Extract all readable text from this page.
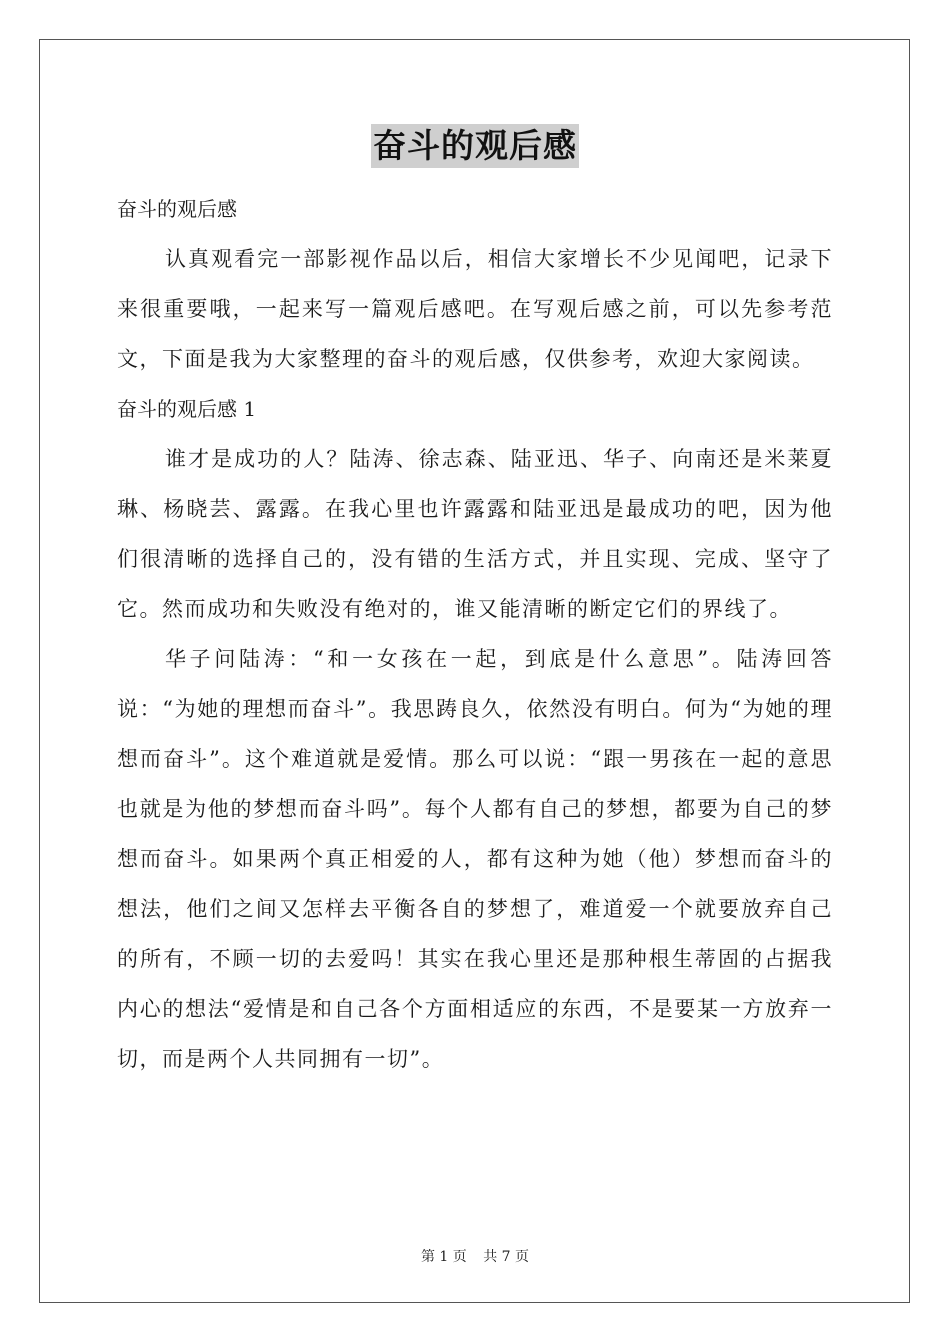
奋斗的观后感

奋斗的观后感

认真观看完一部影视作品以后，相信大家增长不少见闻吧，记录下来很重要哦，一起来写一篇观后感吧。在写观后感之前，可以先参考范文，下面是我为大家整理的奋斗的观后感，仅供参考，欢迎大家阅读。

奋斗的观后感 1

谁才是成功的人？陆涛、徐志森、陆亚迅、华子、向南还是米莱夏琳、杨晓芸、露露。在我心里也许露露和陆亚迅是最成功的吧，因为他们很清晰的选择自己的，没有错的生活方式，并且实现、完成、坚守了它。然而成功和失败没有绝对的，谁又能清晰的断定它们的界线了。

华子问陆涛：“和一女孩在一起，到底是什么意思”。陆涛回答说：“为她的理想而奋斗”。我思踌良久，依然没有明白。何为“为她的理想而奋斗”。这个难道就是爱情。那么可以说：“跟一男孩在一起的意思也就是为他的梦想而奋斗吗”。每个人都有自己的梦想，都要为自己的梦想而奋斗。如果两个真正相爱的人，都有这种为她（他）梦想而奋斗的想法，他们之间又怎样去平衡各自的梦想了，难道爱一个就要放弃自己的所有，不顾一切的去爱吗！其实在我心里还是那种根生蒂固的占据我内心的想法“爱情是和自己各个方面相适应的东西，不是要某一方放弃一切，而是两个人共同拥有一切”。

第 1 页 共 7 页
